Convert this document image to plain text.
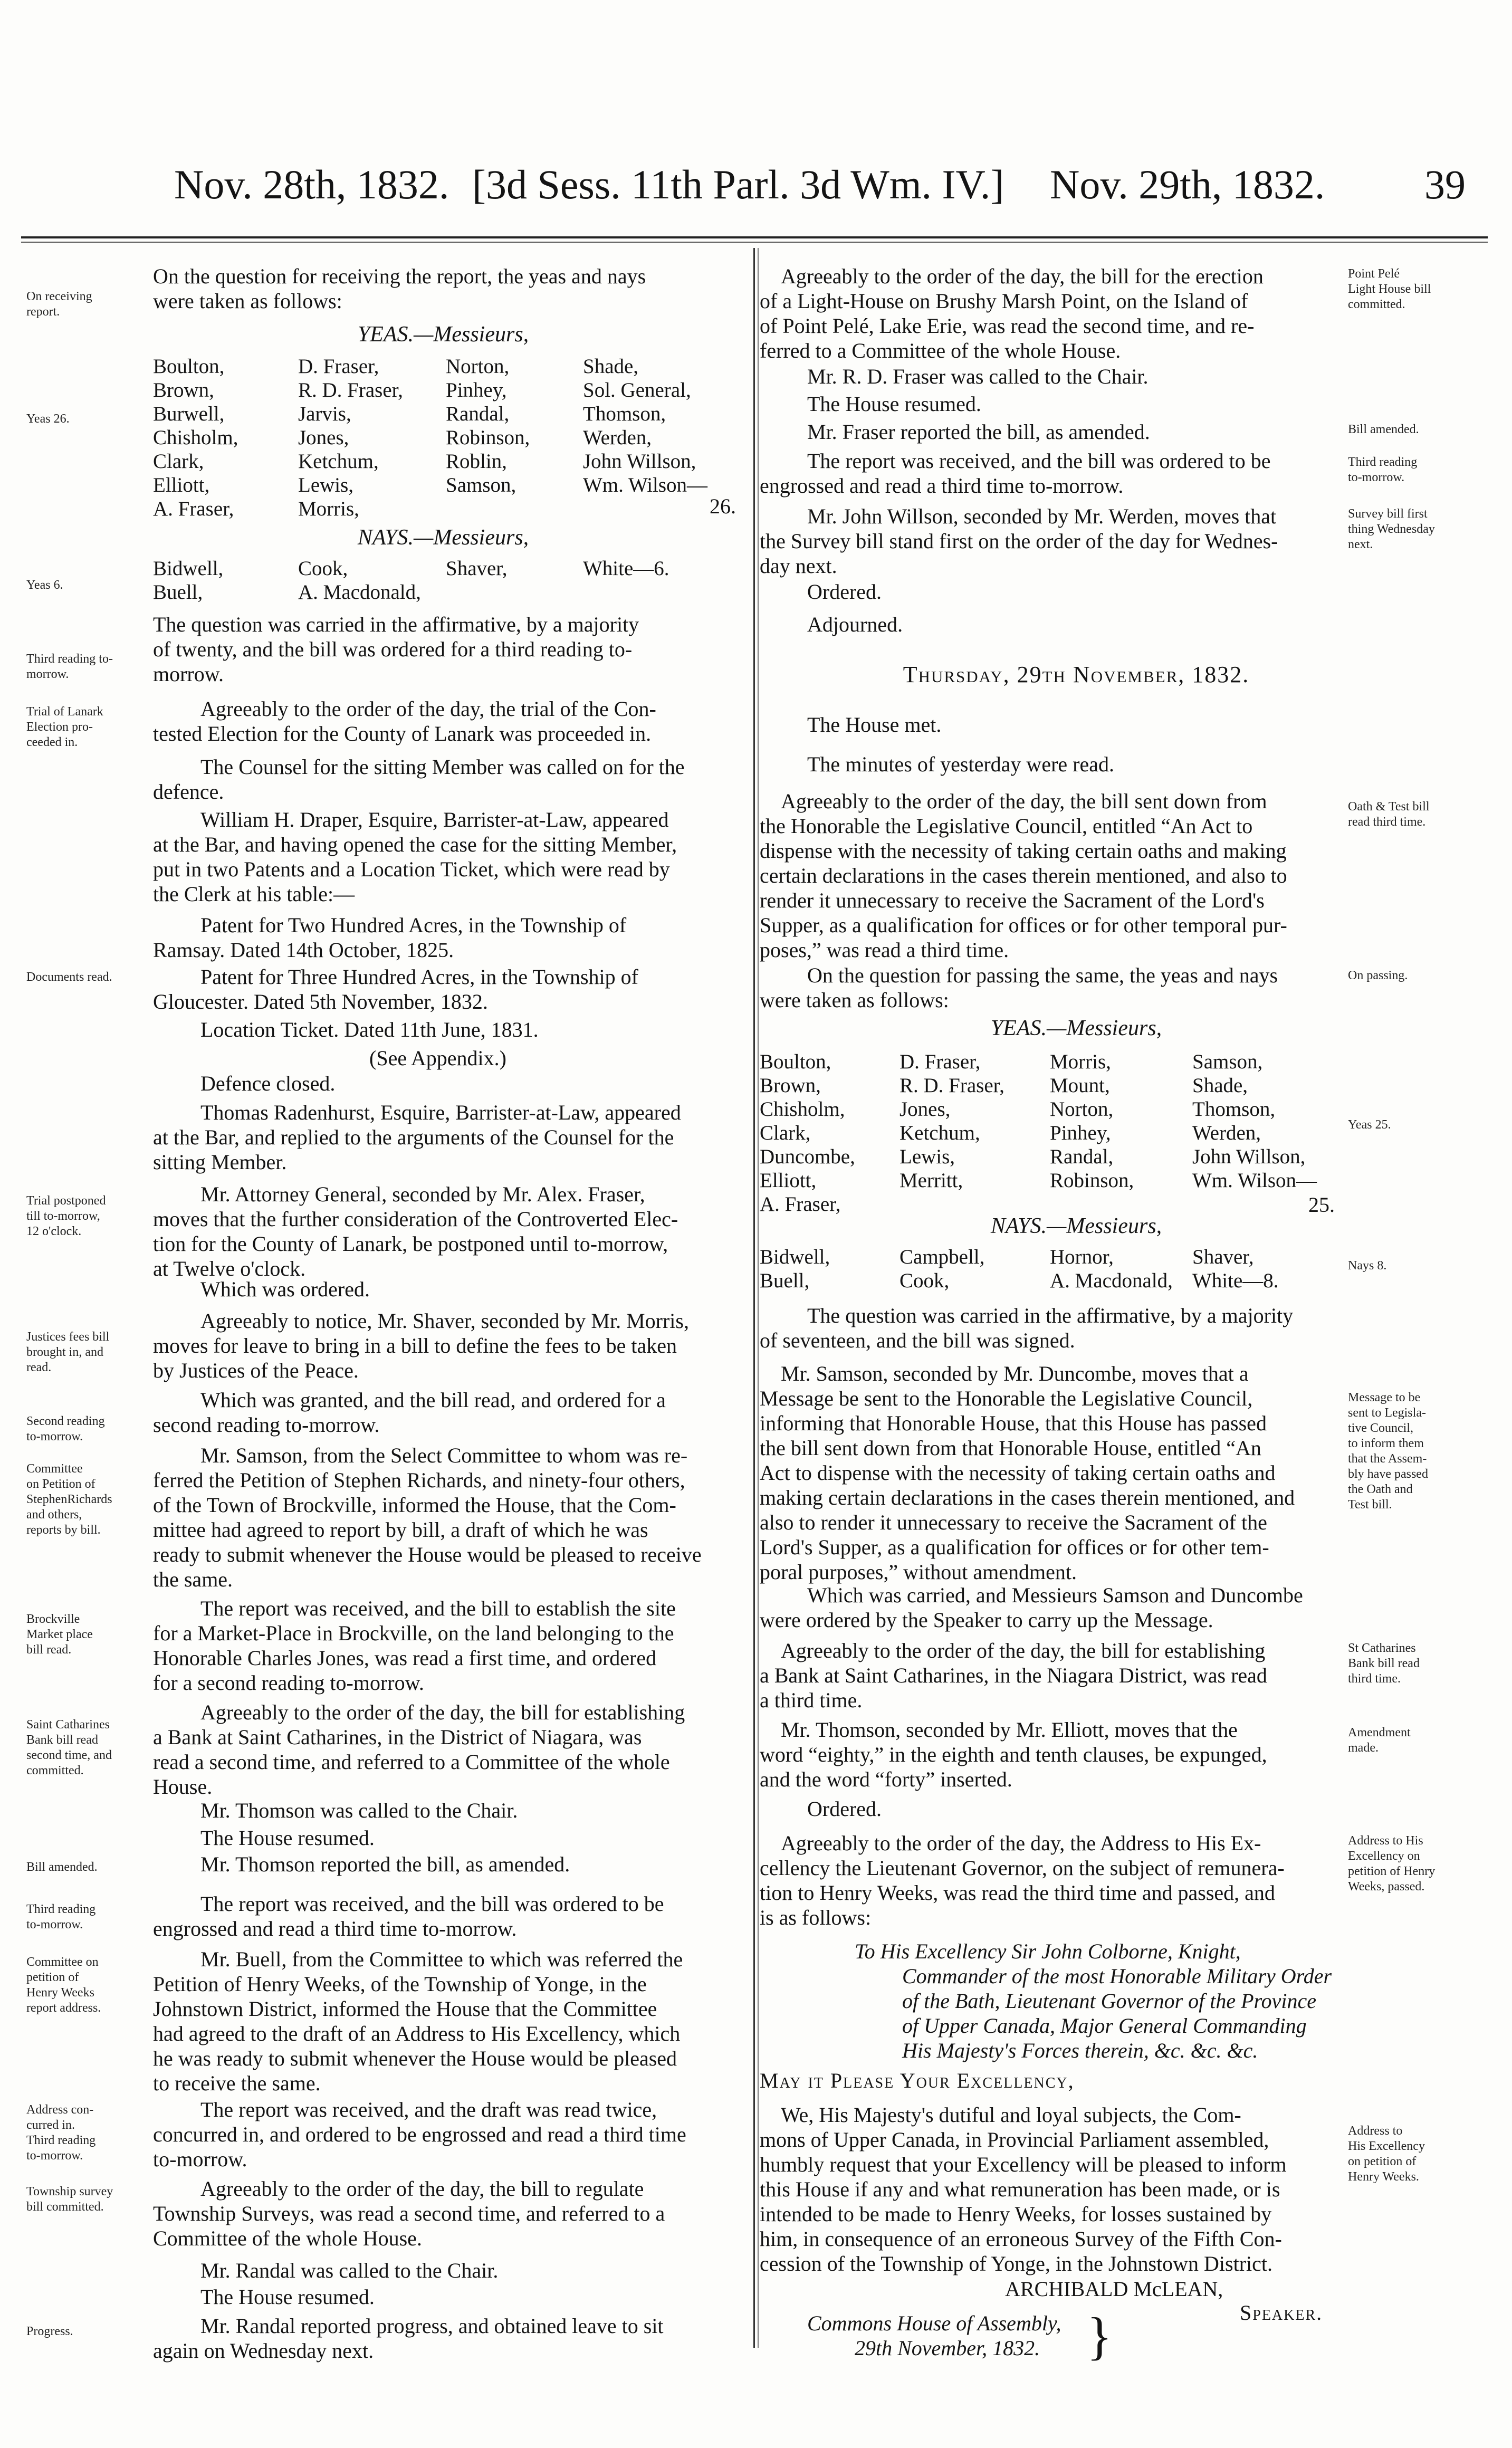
Nov. 28th, 1832. [3d Sess. 11th Parl. 3d Wm. IV.] Nov. 29th, 1832. 39
On the question for receiving the report, the yeas and nays
were taken as follows:
The question was carried in the affirmative, by a majority
of twenty, and the bill was ordered for a third reading to-
morrow.
Agreeably to the order of the day, the trial of the Con-
tested Election for the County of Lanark was proceeded in.
The Counsel for the sitting Member was called on for the
defence.
William H. Draper, Esquire, Barrister-at-Law, appeared
at the Bar, and having opened the case for the sitting Member,
put in two Patents and a Location Ticket, which were read by
the Clerk at his table:—
Patent for Two Hundred Acres, in the Township of
Ramsay. Dated 14th October, 1825.
Patent for Three Hundred Acres, in the Township of
Gloucester. Dated 5th November, 1832.
Location Ticket. Dated 11th June, 1831.
(See Appendix.)
Defence closed.
Thomas Radenhurst, Esquire, Barrister-at-Law, appeared
at the Bar, and replied to the arguments of the Counsel for the
sitting Member.
Mr. Attorney General, seconded by Mr. Alex. Fraser,
moves that the further consideration of the Controverted Elec-
tion for the County of Lanark, be postponed until to-morrow,
at Twelve o'clock.
Which was ordered.
Agreeably to notice, Mr. Shaver, seconded by Mr. Morris,
moves for leave to bring in a bill to define the fees to be taken
by Justices of the Peace.
Which was granted, and the bill read, and ordered for a
second reading to-morrow.
Mr. Samson, from the Select Committee to whom was re-
ferred the Petition of Stephen Richards, and ninety-four others,
of the Town of Brockville, informed the House, that the Com-
mittee had agreed to report by bill, a draft of which he was
ready to submit whenever the House would be pleased to receive
the same.
The report was received, and the bill to establish the site
for a Market-Place in Brockville, on the land belonging to the
Honorable Charles Jones, was read a first time, and ordered
for a second reading to-morrow.
Agreeably to the order of the day, the bill for establishing
a Bank at Saint Catharines, in the District of Niagara, was
read a second time, and referred to a Committee of the whole
House.
Mr. Thomson was called to the Chair.
The House resumed.
Mr. Thomson reported the bill, as amended.
The report was received, and the bill was ordered to be
engrossed and read a third time to-morrow.
Mr. Buell, from the Committee to which was referred the
Petition of Henry Weeks, of the Township of Yonge, in the
Johnstown District, informed the House that the Committee
had agreed to the draft of an Address to His Excellency, which
he was ready to submit whenever the House would be pleased
to receive the same.
The report was received, and the draft was read twice,
concurred in, and ordered to be engrossed and read a third time
to-morrow.
Agreeably to the order of the day, the bill to regulate
Township Surveys, was read a second time, and referred to a
Committee of the whole House.
Mr. Randal was called to the Chair.
The House resumed.
Mr. Randal reported progress, and obtained leave to sit
again on Wednesday next.
On receiving
report.
Yeas 26.
Yeas 6.
Third reading to-
morrow.
Trial of Lanark
Election pro-
ceeded in.
Documents read.
Trial postponed
till to-morrow,
12 o'clock.
Justices fees bill
brought in, and
read.
Second reading
to-morrow.
Committee
on Petition of
StephenRichards
and others,
reports by bill.
Brockville
Market place
bill read.
Saint Catharines
Bank bill read
second time, and
committed.
Bill amended.
Third reading
to-morrow.
Committee on
petition of
Henry Weeks
report address.
Address con-
curred in.
Third reading
to-morrow.
Township survey
bill committed.
Progress.
YEAS.—Messieurs,
Boulton,
Brown,
Burwell,
Chisholm,
Clark,
Elliott,
A. Fraser,
D. Fraser,
R. D. Fraser,
Jarvis,
Jones,
Ketchum,
Lewis,
Morris,
Norton,
Pinhey,
Randal,
Robinson,
Roblin,
Samson,
Shade,
Sol. General,
Thomson,
Werden,
John Willson,
Wm. Wilson—
26.
NAYS.—Messieurs,
Bidwell,
Buell,
Cook,
A. Macdonald,
Shaver,	White—6.
Agreeably to the order of the day, the bill for the erection
of a Light-House on Brushy Marsh Point, on the Island of
of Point Pelé, Lake Erie, was read the second time, and re-
ferred to a Committee of the whole House.
Mr. R. D. Fraser was called to the Chair.
The House resumed.
Mr. Fraser reported the bill, as amended.
The report was received, and the bill was ordered to be
engrossed and read a third time to-morrow.
Mr. John Willson, seconded by Mr. Werden, moves that
the Survey bill stand first on the order of the day for Wednes-
day next.
Ordered.
Adjourned.
The House met.
The minutes of yesterday were read.
Agreeably to the order of the day, the bill sent down from
the Honorable the Legislative Council, entitled “An Act to
dispense with the necessity of taking certain oaths and making
certain declarations in the cases therein mentioned, and also to
render it unnecessary to receive the Sacrament of the Lord's
Supper, as a qualification for offices or for other temporal pur-
poses,” was read a third time.
On the question for passing the same, the yeas and nays
were taken as follows:
The question was carried in the affirmative, by a majority
of seventeen, and the bill was signed.
Mr. Samson, seconded by Mr. Duncombe, moves that a
Message be sent to the Honorable the Legislative Council,
informing that Honorable House, that this House has passed
the bill sent down from that Honorable House, entitled “An
Act to dispense with the necessity of taking certain oaths and
making certain declarations in the cases therein mentioned, and
also to render it unnecessary to receive the Sacrament of the
Lord's Supper, as a qualification for offices or for other tem-
poral purposes,” without amendment.
Which was carried, and Messieurs Samson and Duncombe
were ordered by the Speaker to carry up the Message.
Agreeably to the order of the day, the bill for establishing
a Bank at Saint Catharines, in the Niagara District, was read
a third time.
Mr. Thomson, seconded by Mr. Elliott, moves that the
word “eighty,” in the eighth and tenth clauses, be expunged,
and the word “forty” inserted.
Ordered.
Agreeably to the order of the day, the Address to His Ex-
cellency the Lieutenant Governor, on the subject of remunera-
tion to Henry Weeks, was read the third time and passed, and
is as follows:
We, His Majesty's dutiful and loyal subjects, the Com-
mons of Upper Canada, in Provincial Parliament assembled,
humbly request that your Excellency will be pleased to inform
this House if any and what remuneration has been made, or is
intended to be made to Henry Weeks, for losses sustained by
him, in consequence of an erroneous Survey of the Fifth Con-
cession of the Township of Yonge, in the Johnstown District.
Point Pelé
Light House bill
committed.
Bill amended.
Third reading
to-morrow.
Survey bill first
thing Wednesday
next.
Oath & Test bill
read third time.
On passing.
Yeas 25.
Nays 8.
Message to be
sent to Legisla-
tive Council,
to inform them
that the Assem-
bly have passed
the Oath and
Test bill.
St Catharines
Bank bill read
third time.
Amendment
made.
Address to His
Excellency on
petition of Henry
Weeks, passed.
Address to
His Excellency
on petition of
Henry Weeks.
Thursday, 29th November, 1832.
YEAS.—Messieurs,
Boulton,
Brown,
Chisholm,
Clark,
Duncombe,
Elliott,
A. Fraser,
D. Fraser,
R. D. Fraser,
Jones,
Ketchum,
Lewis,
Merritt,
Morris,
Mount,
Norton,
Pinhey,
Randal,
Robinson,
Samson,
Shade,
Thomson,
Werden,
John Willson,
Wm. Wilson—
25.
NAYS.—Messieurs,
Bidwell,
Buell,
Campbell,
Cook,
Hornor,
A. Macdonald,
Shaver,
White—8.
To His Excellency Sir John Colborne, Knight,
Commander of the most Honorable Military Order
of the Bath, Lieutenant Governor of the Province
of Upper Canada, Major General Commanding
His Majesty's Forces therein, &c. &c. &c.
May it Please Your Excellency,
ARCHIBALD McLEAN,
Speaker.
Commons House of Assembly,
29th November, 1832. }
